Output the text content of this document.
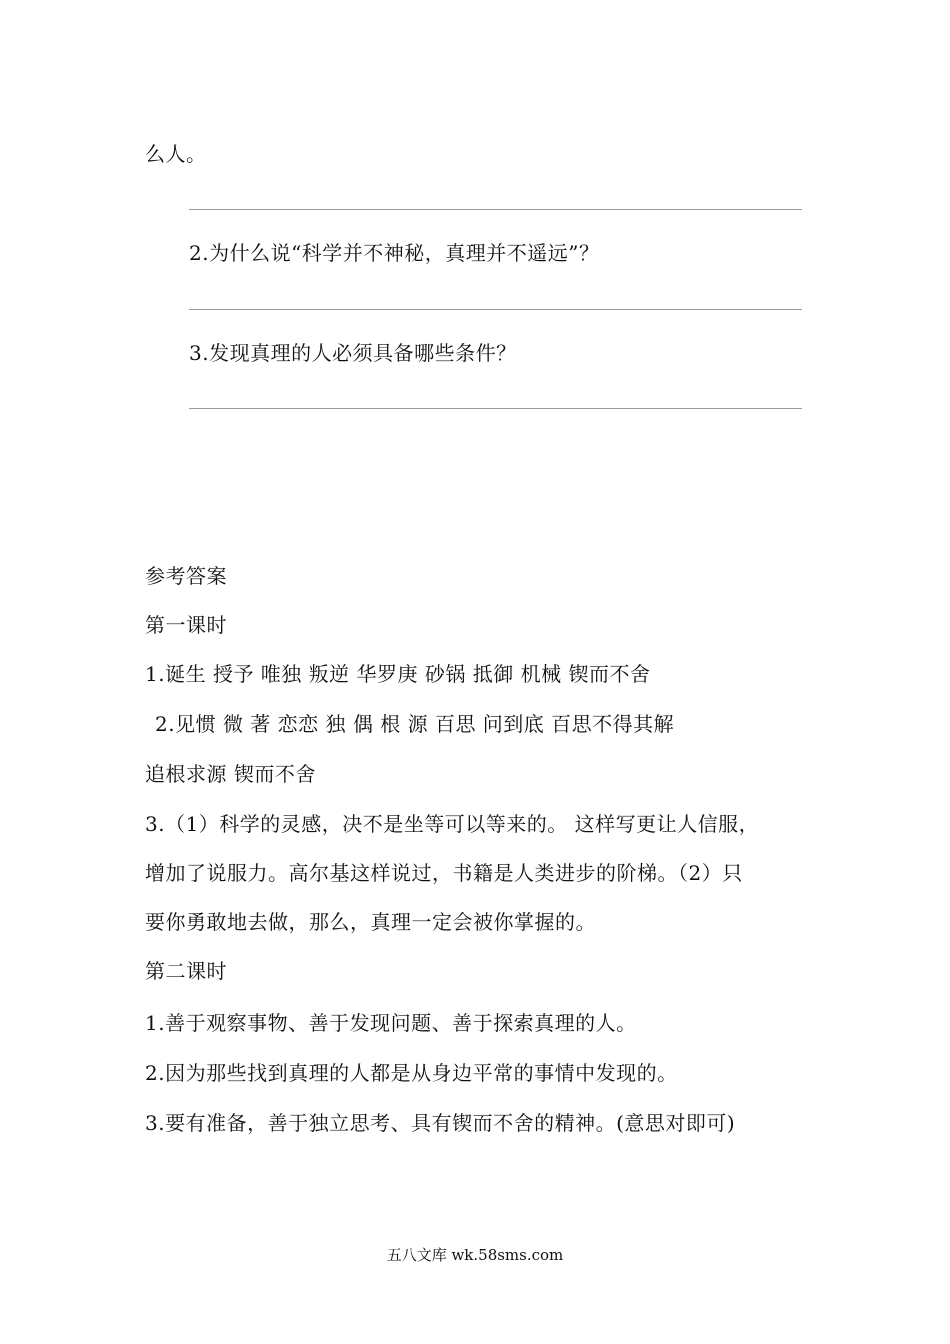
么人。
2.为什么说“科学并不神秘，真理并不遥远”？
3.发现真理的人必须具备哪些条件？
参考答案
第一课时
1.诞生 授予 唯独 叛逆 华罗庚 砂锅 抵御 机械 锲而不舍
2.见惯 微 著 恋恋 独 偶 根 源 百思 问到底 百思不得其解
追根求源 锲而不舍
3.（1）科学的灵感，决不是坐等可以等来的。 这样写更让人信服，
增加了说服力。高尔基这样说过，书籍是人类进步的阶梯。（2）只
要你勇敢地去做，那么，真理一定会被你掌握的。
第二课时
1.善于观察事物、善于发现问题、善于探索真理的人。
2.因为那些找到真理的人都是从身边平常的事情中发现的。
3.要有准备，善于独立思考、具有锲而不舍的精神。(意思对即可)
五八文库 wk.58sms.com
